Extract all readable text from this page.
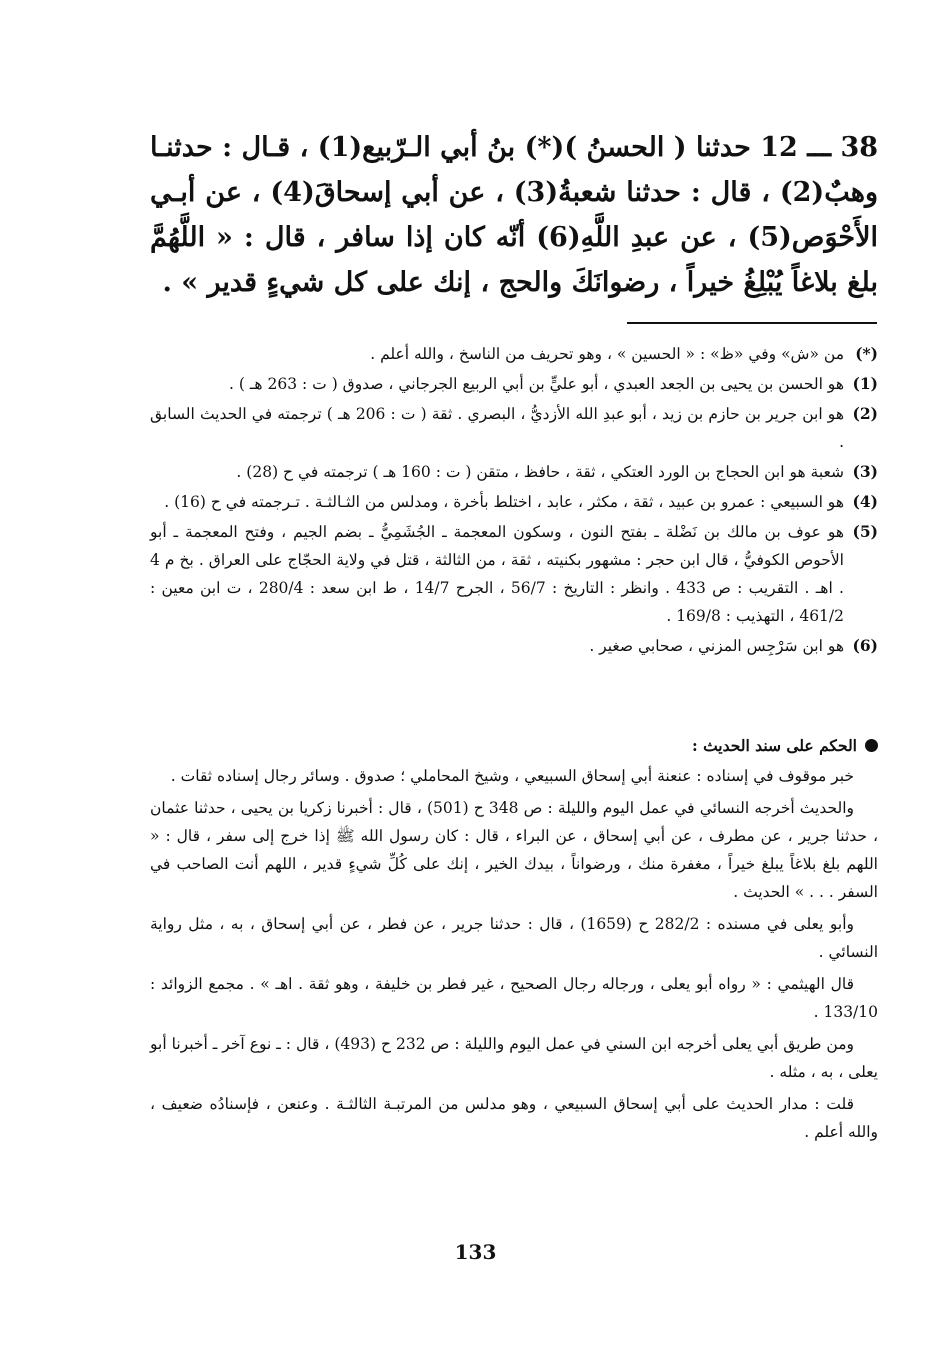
38 ـــ 12 حدثنا ( الحسنُ )(*) بنُ أبي الـرّبيع(1) ، قـال : حدثنـا وهبٌ(2) ، قال : حدثنا شعبةُ(3) ، عن أبي إسحاقَ(4) ، عن أبـي الأَحْوَص(5) ، عن عبدِ اللَّهِ(6) أنّه كان إذا سافر ، قال : « اللَّهُمَّ بلغ بلاغاً يُبْلِغُ خيراً ، رضوانَكَ والحج ، إنك على كل شيءٍ قدير » .

(*)
من «ش» وفي «ظ» : « الحسين » ، وهو تحريف من الناسخ ، والله أعلم .

(1)
هو الحسن بن يحيى بن الجعد العبدي ، أبو عليٍّ بن أبي الربيع الجرجاني ، صدوق ( ت : 263 هـ ) .

(2)
هو ابن جرير بن حازم بن زيد ، أبو عبدِ الله الأزديُّ ، البصري . ثقة ( ت : 206 هـ ) ترجمته في الحديث السابق .

(3)
شعبة هو ابن الحجاج بن الورد العتكي ، ثقة ، حافظ ، متقن ( ت : 160 هـ ) ترجمته في ح (28) .

(4)
هو السبيعي : عمرو بن عبيد ، ثقة ، مكثر ، عابد ، اختلط بأخرة ، ومدلس من الثـالثـة . تـرجمته في ح (16) .

(5)
هو عوف بن مالك بن نَضْلة ـ بفتح النون ، وسكون المعجمة ـ الجُشَمِيُّ ـ بضم الجيم ، وفتح المعجمة ـ أبو الأحوص الكوفيُّ ، قال ابن حجر : مشهور بكنيته ، ثقة ، من الثالثة ، قتل في ولاية الحجّاج على العراق . بخ م 4 . اهـ . التقريب : ص 433 . وانظر : التاريخ : 56/7 ، الجرح 14/7 ، ط ابن سعد : 280/4 ، ت ابن معين : 461/2 ، التهذيب : 169/8 .

(6)
هو ابن سَرْجِس المزني ، صحابي صغير .

الحكم على سند الحديث :

خبر موقوف في إسناده : عنعنة أبي إسحاق السبيعي ، وشيخ المحاملي ؛ صدوق . وسائر رجال إسناده ثقات .

والحديث أخرجه النسائي في عمل اليوم والليلة : ص 348 ح (501) ، قال : أخبرنا زكريا بن يحيى ، حدثنا عثمان ، حدثنا جرير ، عن مطرف ، عن أبي إسحاق ، عن البراء ، قال : كان رسول الله ﷺ إذا خرج إلى سفر ، قال : « اللهم بلغ بلاغاً يبلغ خيراً ، مغفرة منك ، ورضواناً ، بيدك الخير ، إنك على كُلِّ شيءٍ قدير ، اللهم أنت الصاحب في السفر . . . » الحديث .

وأبو يعلى في مسنده : 282/2 ح (1659) ، قال : حدثنا جرير ، عن فطر ، عن أبي إسحاق ، به ، مثل رواية النسائي .

قال الهيثمي : « رواه أبو يعلى ، ورجاله رجال الصحيح ، غير فطر بن خليفة ، وهو ثقة . اهـ » . مجمع الزوائد : 133/10 .

ومن طريق أبي يعلى أخرجه ابن السني في عمل اليوم والليلة : ص 232 ح (493) ، قال : ـ نوع آخر ـ أخبرنا أبو يعلى ، به ، مثله .

قلت : مدار الحديث على أبي إسحاق السبيعي ، وهو مدلس من المرتبـة الثالثـة . وعنعن ، فإسنادُه ضعيف ، والله أعلم .

133
